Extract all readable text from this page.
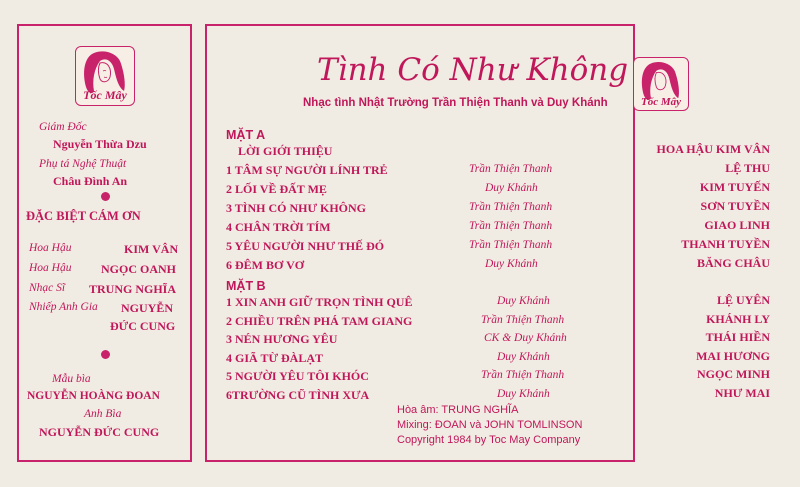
Tốc Mây
Giám Đốc
Nguyễn Thừa Dzu
Phụ tá Nghệ Thuật
Châu Đình An
ĐẶC BIỆT CÁM ƠN
Hoa Hậu	KIM VÂN
Hoa Hậu NGỌC OANH
Nhạc Sĩ TRUNG NGHĨA
Nhiếp Anh Gia NGUYỄN
ĐỨC CUNG
Mẫu bìa
NGUYỄN HOÀNG ĐOAN
Anh Bìa
NGUYỄN ĐỨC CUNG
Tình Có Như Không
Nhạc tình Nhật Trường Trần Thiện Thanh và Duy Khánh
MẶT A
LỜI GIỚI THIỆU
1 TÂM SỰ NGƯỜI LÍNH TRẺ	Trần Thiện Thanh
2 LỐI VỀ ĐẤT MẸ	Duy Khánh
3 TÌNH CÓ NHƯ KHÔNG	Trần Thiện Thanh
4 CHÂN TRỜI TÍM	Trần Thiện Thanh
5 YÊU NGƯỜI NHƯ THẾ ĐÓ	Trần Thiện Thanh
6 ĐÊM BƠ VƠ	Duy Khánh
MẶT B
1 XIN ANH GIỮ TRỌN TÌNH QUÊ	Duy Khánh
2 CHIỀU TRÊN PHÁ TAM GIANG	Trần Thiện Thanh
3 NÉN HƯƠNG YÊU	CK & Duy Khánh
4 GIÃ TỪ ĐÀLẠT	Duy Khánh
5 NGƯỜI YÊU TÔI KHÓC	Trần Thiện Thanh
6TRƯỜNG CŨ TÌNH XƯA	Duy Khánh
Hòa âm: TRUNG NGHĨA
Mixing: ĐOAN và JOHN TOMLINSON
Copyright 1984 by Toc May Company
Tốc Mây
HOA HẬU KIM VÂN
LỆ THU
KIM TUYẾN
SƠN TUYỀN
GIAO LINH
THANH TUYỀN
BĂNG CHÂU
LỆ UYÊN
KHÁNH LY
THÁI HIỀN
MAI HƯƠNG
NGỌC MINH
NHƯ MAI
